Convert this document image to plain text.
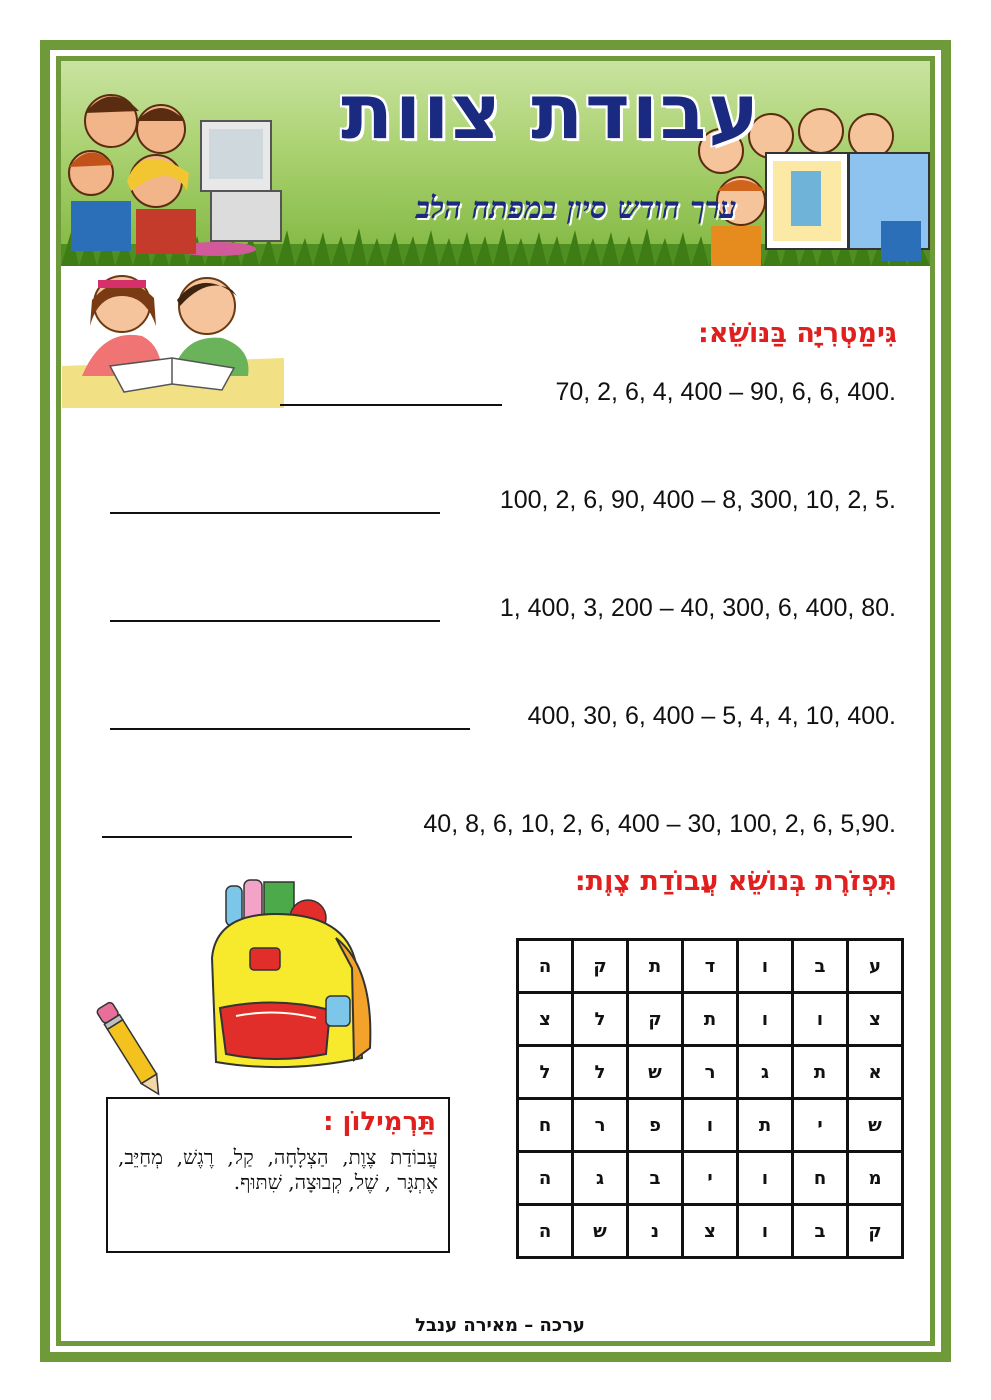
עבודת צוות
ערך חודש סיון במפתח הלב
גִּימַטְרִיָּה בַּנּוֹשֵׂא:
70, 2, 6, 4, 400 – 90, 6, 6, 400.
100, 2, 6, 90, 400 – 8, 300, 10, 2, 5.
1, 400, 3, 200 – 40, 300, 6, 400, 80.
400, 30, 6, 400 – 5, 4, 4, 10, 400.
40, 8, 6, 10, 2, 6, 400 – 30, 100, 2, 6, 5,90.
תִּפְזֹרֶת בְּנוֹשֵׂא עֲבוֹדַת צֶוֶת:
ע	ב	ו	ד	ת	ק	ה
צ	ו	ו	ת	ק	ל	צ
א	ת	ג	ר	ש	ל	ל
ש	י	ת	ו	פ	ר	ח
מ	ח	ו	י	ב	ג	ה
ק	ב	ו	צ	נ	ש	ה
תַּרְמִילוֹן :
עֲבוֹדַת צֶוֶת, הַצְלָחָה, קַל, רֶגֶשׁ, מְחַיֵּב, אֶתְגָּר , שֶׁל, קְבוּצָה, שִׁתּוּף.
ערכה – מאירה ענבל
